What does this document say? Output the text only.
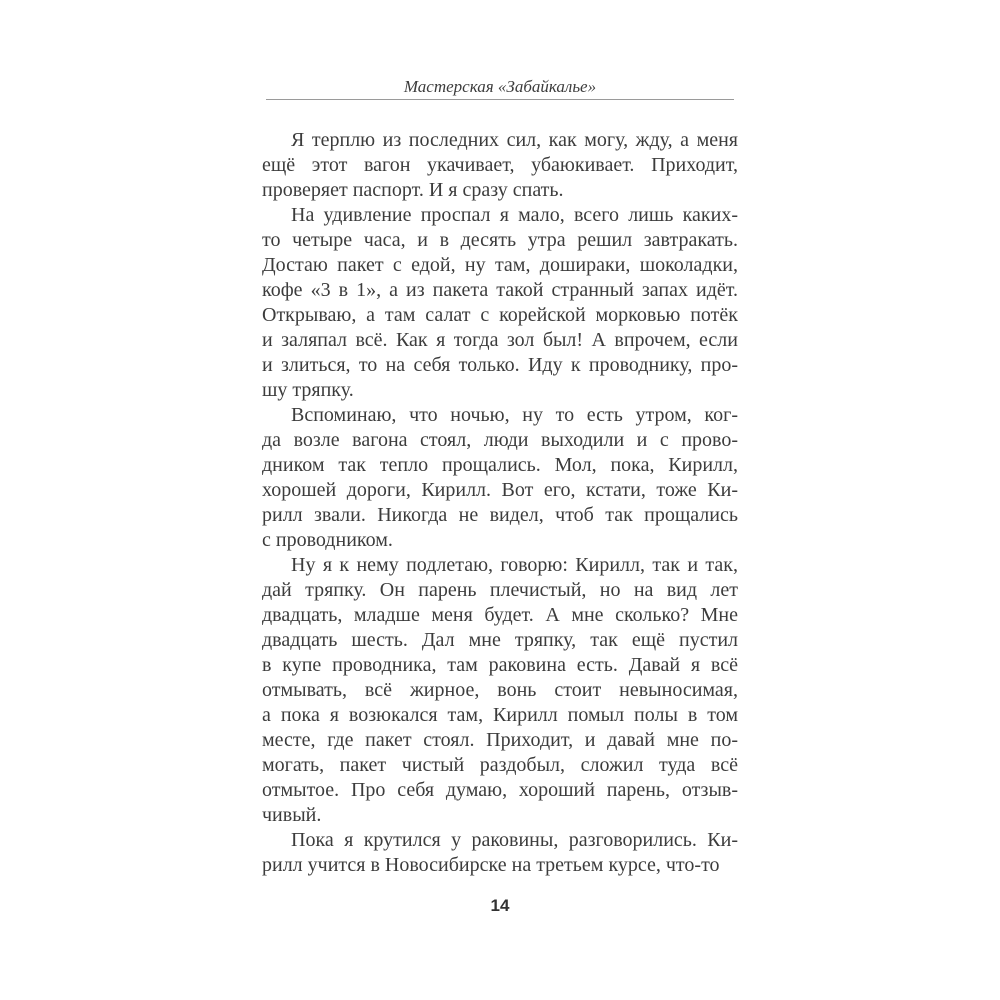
Мастерская «Забайкалье»
Я терплю из последних сил, как могу, жду, а меня
ещё этот вагон укачивает, убаюкивает. Приходит,
проверяет паспорт. И я сразу спать.
На удивление проспал я мало, всего лишь каких-
то четыре часа, и в десять утра решил завтракать.
Достаю пакет с едой, ну там, дошираки, шоколадки,
кофе «3 в 1», а из пакета такой странный запах идёт.
Открываю, а там салат с корейской морковью потёк
и заляпал всё. Как я тогда зол был! А впрочем, если
и злиться, то на себя только. Иду к проводнику, про-
шу тряпку.
Вспоминаю, что ночью, ну то есть утром, ког-
да возле вагона стоял, люди выходили и с прово-
дником так тепло прощались. Мол, пока, Кирилл,
хорошей дороги, Кирилл. Вот его, кстати, тоже Ки-
рилл звали. Никогда не видел, чтоб так прощались
с проводником.
Ну я к нему подлетаю, говорю: Кирилл, так и так,
дай тряпку. Он парень плечистый, но на вид лет
двадцать, младше меня будет. А мне сколько? Мне
двадцать шесть. Дал мне тряпку, так ещё пустил
в купе проводника, там раковина есть. Давай я всё
отмывать, всё жирное, вонь стоит невыносимая,
а пока я возюкался там, Кирилл помыл полы в том
месте, где пакет стоял. Приходит, и давай мне по-
могать, пакет чистый раздобыл, сложил туда всё
отмытое. Про себя думаю, хороший парень, отзыв-
чивый.
Пока я крутился у раковины, разговорились. Ки-
рилл учится в Новосибирске на третьем курсе, что-то
14
